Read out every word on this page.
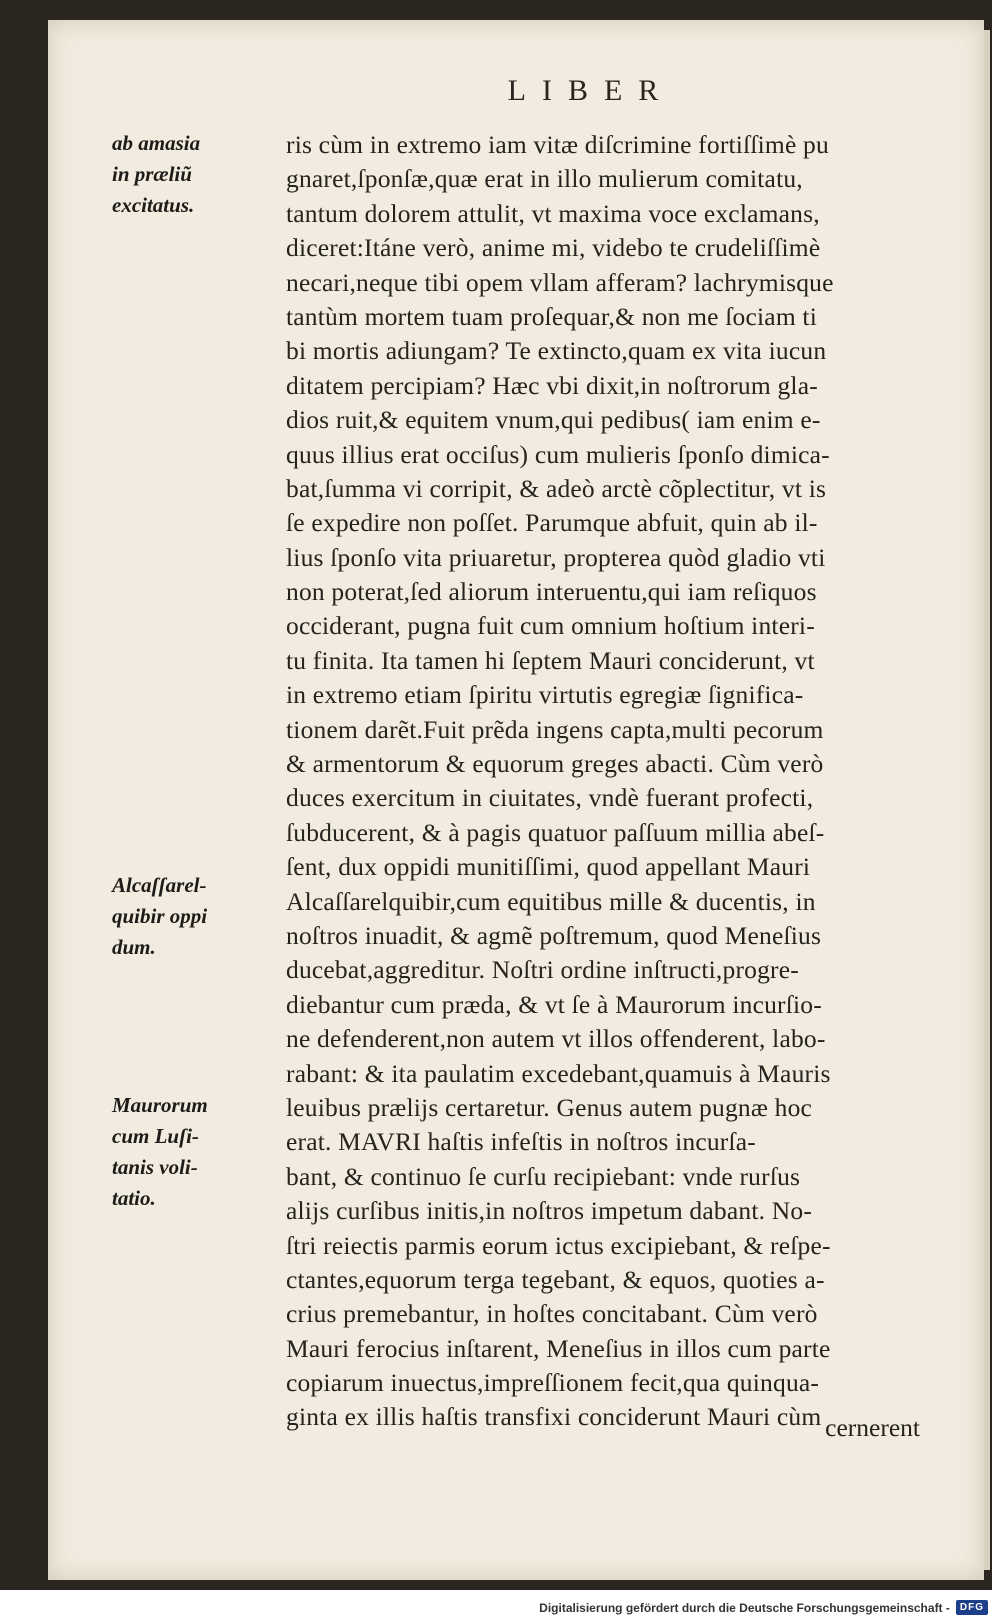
LIBER
ab amasia
in præliũ
excitatus.
Alcaſſarel-
quibir oppi
dum.
Maurorum
cum Luſi-
tanis voli-
tatio.
ris cùm in extremo iam vitæ diſcrimine fortiſſimè pu
gnaret,ſponſæ,quæ erat in illo mulierum comitatu,
tantum dolorem attulit, vt maxima voce exclamans,
diceret:Itáne verò, anime mi, videbo te crudeliſſimè
necari,neque tibi opem vllam afferam? lachrymisque
tantùm mortem tuam proſequar,& non me ſociam ti
bi mortis adiungam? Te extincto,quam ex vita iucun
ditatem percipiam? Hæc vbi dixit,in noſtrorum gla-
dios ruit,& equitem vnum,qui pedibus( iam enim e-
quus illius erat occiſus) cum mulieris ſponſo dimica-
bat,ſumma vi corripit, & adeò arctè cõplectitur, vt is
ſe expedire non poſſet. Parumque abfuit, quin ab il-
lius ſponſo vita priuaretur, propterea quòd gladio vti
non poterat,ſed aliorum interuentu,qui iam reſiquos
occiderant, pugna fuit cum omnium hoſtium interi-
tu finita. Ita tamen hi ſeptem Mauri conciderunt, vt
in extremo etiam ſpiritu virtutis egregiæ ſignifica-
tionem darẽt.Fuit prẽda ingens capta,multi pecorum
& armentorum & equorum greges abacti. Cùm verò
duces exercitum in ciuitates, vndè fuerant profecti,
ſubducerent, & à pagis quatuor paſſuum millia abeſ-
ſent, dux oppidi munitiſſimi, quod appellant Mauri
Alcaſſarelquibir,cum equitibus mille & ducentis, in
noſtros inuadit, & agmẽ poſtremum, quod Meneſius
ducebat,aggreditur. Noſtri ordine inſtructi,progre-
diebantur cum præda, & vt ſe à Maurorum incurſio-
ne defenderent,non autem vt illos offenderent, labo-
rabant: & ita paulatim excedebant,quamuis à Mauris
leuibus prælijs certaretur. Genus autem pugnæ hoc
erat. MAVRI haſtis infeſtis in noſtros incurſa-
bant, & continuo ſe curſu recipiebant: vnde rurſus
alijs curſibus initis,in noſtros impetum dabant. No-
ſtri reiectis parmis eorum ictus excipiebant, & reſpe-
ctantes,equorum terga tegebant, & equos, quoties a-
crius premebantur, in hoſtes concitabant. Cùm verò
Mauri ferocius inſtarent, Meneſius in illos cum parte
copiarum inuectus,impreſſionem fecit,qua quinqua-
ginta ex illis haſtis transfixi conciderunt Mauri cùm cernerent
Digitalisierung gefördert durch die Deutsche Forschungsgemeinschaft -	DFG
